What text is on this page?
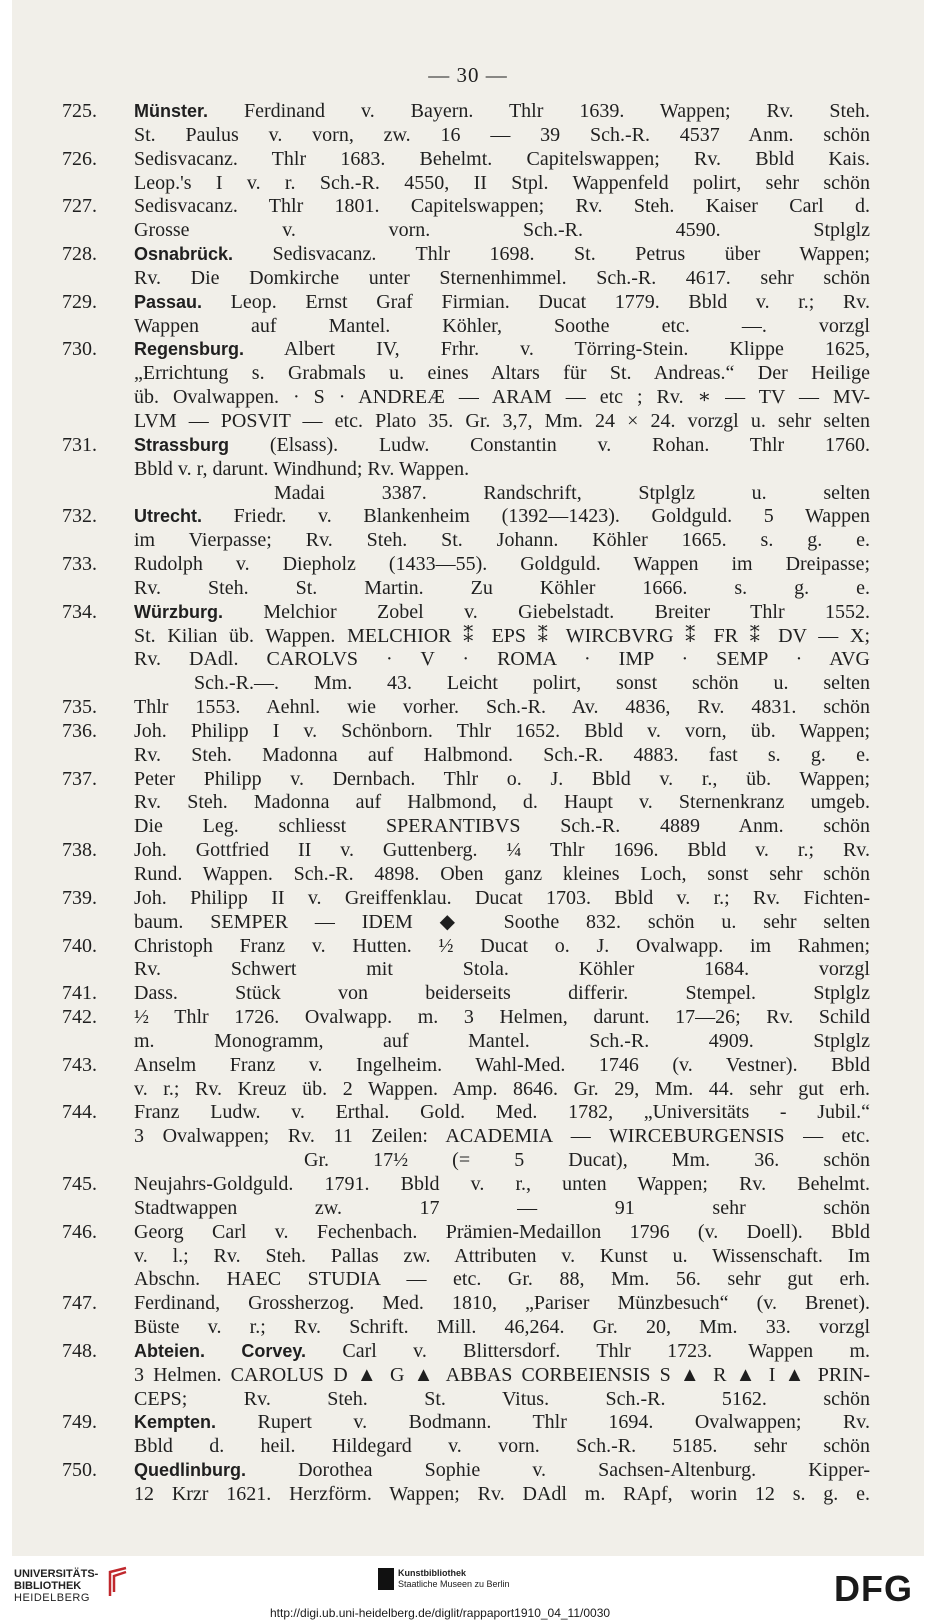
— 30 —
725.	Münster. Ferdinand v. Bayern. Thlr 1639. Wappen; Rv. Steh.
St. Paulus v. vorn, zw. 16 — 39 Sch.-R. 4537 Anm. schön
726.	Sedisvacanz. Thlr 1683. Behelmt. Capitelswappen; Rv. Bbld Kais.
Leop.'s I v. r. Sch.-R. 4550, II Stpl. Wappenfeld polirt, sehr schön
727.	Sedisvacanz. Thlr 1801. Capitelswappen; Rv. Steh. Kaiser Carl d.
Grosse v. vorn. Sch.-R. 4590. Stplglz
728.	Osnabrück. Sedisvacanz. Thlr 1698. St. Petrus über Wappen;
Rv. Die Domkirche unter Sternenhimmel. Sch.-R. 4617. sehr schön
729.	Passau. Leop. Ernst Graf Firmian. Ducat 1779. Bbld v. r.; Rv.
Wappen auf Mantel. Köhler, Soothe etc. —. vorzgl
730.	Regensburg. Albert IV, Frhr. v. Törring-Stein. Klippe 1625,
„Errichtung s. Grabmals u. eines Altars für St. Andreas.“ Der Heilige
üb. Ovalwappen. · S · ANDREÆ — ARAM — etc ; Rv. ∗ — TV — MV-
LVM — POSVIT — etc. Plato 35. Gr. 3,7, Mm. 24 × 24. vorzgl u. sehr selten
731.	Strassburg (Elsass). Ludw. Constantin v. Rohan. Thlr 1760.
Bbld v. r, darunt. Windhund; Rv. Wappen.
Madai 3387. Randschrift, Stplglz u. selten
732.	Utrecht. Friedr. v. Blankenheim (1392—1423). Goldguld. 5 Wappen
im Vierpasse; Rv. Steh. St. Johann. Köhler 1665. s. g. e.
733.	Rudolph v. Diepholz (1433—55). Goldguld. Wappen im Dreipasse;
Rv. Steh. St. Martin. Zu Köhler 1666. s. g. e.
734.	Würzburg. Melchior Zobel v. Giebelstadt. Breiter Thlr 1552.
St. Kilian üb. Wappen. MELCHIOR ⁑ EPS ⁑ WIRCBVRG ⁑ FR ⁑ DV — X;
Rv. DAdl. CAROLVS · V · ROMA · IMP · SEMP · AVG
Sch.-R.—. Mm. 43. Leicht polirt, sonst schön u. selten
735.	Thlr 1553. Aehnl. wie vorher. Sch.-R. Av. 4836, Rv. 4831. schön
736.	Joh. Philipp I v. Schönborn. Thlr 1652. Bbld v. vorn, üb. Wappen;
Rv. Steh. Madonna auf Halbmond. Sch.-R. 4883. fast s. g. e.
737.	Peter Philipp v. Dernbach. Thlr o. J. Bbld v. r., üb. Wappen;
Rv. Steh. Madonna auf Halbmond, d. Haupt v. Sternenkranz umgeb.
Die Leg. schliesst SPERANTIBVS Sch.-R. 4889 Anm. schön
738.	Joh. Gottfried II v. Guttenberg. ¼ Thlr 1696. Bbld v. r.; Rv.
Rund. Wappen. Sch.-R. 4898. Oben ganz kleines Loch, sonst sehr schön
739.	Joh. Philipp II v. Greiffenklau. Ducat 1703. Bbld v. r.; Rv. Fichten-
baum. SEMPER — IDEM ◆ Soothe 832. schön u. sehr selten
740.	Christoph Franz v. Hutten. ½ Ducat o. J. Ovalwapp. im Rahmen;
Rv. Schwert mit Stola. Köhler 1684. vorzgl
741.	Dass. Stück von beiderseits differir. Stempel. Stplglz
742.	½ Thlr 1726. Ovalwapp. m. 3 Helmen, darunt. 17—26; Rv. Schild
m. Monogramm, auf Mantel. Sch.-R. 4909. Stplglz
743.	Anselm Franz v. Ingelheim. Wahl-Med. 1746 (v. Vestner). Bbld
v. r.; Rv. Kreuz üb. 2 Wappen. Amp. 8646. Gr. 29, Mm. 44. sehr gut erh.
744.	Franz Ludw. v. Erthal. Gold. Med. 1782, „Universitäts - Jubil.“
3 Ovalwappen; Rv. 11 Zeilen: ACADEMIA — WIRCEBURGENSIS — etc.
Gr. 17½ (= 5 Ducat), Mm. 36. schön
745.	Neujahrs-Goldguld. 1791. Bbld v. r., unten Wappen; Rv. Behelmt.
Stadtwappen zw. 17 — 91 sehr schön
746.	Georg Carl v. Fechenbach. Prämien-Medaillon 1796 (v. Doell). Bbld
v. l.; Rv. Steh. Pallas zw. Attributen v. Kunst u. Wissenschaft. Im
Abschn. HAEC STUDIA — etc. Gr. 88, Mm. 56. sehr gut erh.
747.	Ferdinand, Grossherzog. Med. 1810, „Pariser Münzbesuch“ (v. Brenet).
Büste v. r.; Rv. Schrift. Mill. 46,264. Gr. 20, Mm. 33. vorzgl
748.	Abteien. Corvey. Carl v. Blittersdorf. Thlr 1723. Wappen m.
3 Helmen. CAROLUS D ▲ G ▲ ABBAS CORBEIENSIS S ▲ R ▲ I ▲ PRIN-
CEPS; Rv. Steh. St. Vitus. Sch.-R. 5162. schön
749.	Kempten. Rupert v. Bodmann. Thlr 1694. Ovalwappen; Rv.
Bbld d. heil. Hildegard v. vorn. Sch.-R. 5185. sehr schön
750.	Quedlinburg. Dorothea Sophie v. Sachsen-Altenburg. Kipper-
12 Krzr 1621. Herzförm. Wappen; Rv. DAdl m. RApf, worin 12 s. g. e.
UNIVERSITÄTS-
BIBLIOTHEK
HEIDELBERG
Kunstbibliothek
Staatliche Museen zu Berlin	DFG
http://digi.ub.uni-heidelberg.de/diglit/rappaport1910_04_11/0030
